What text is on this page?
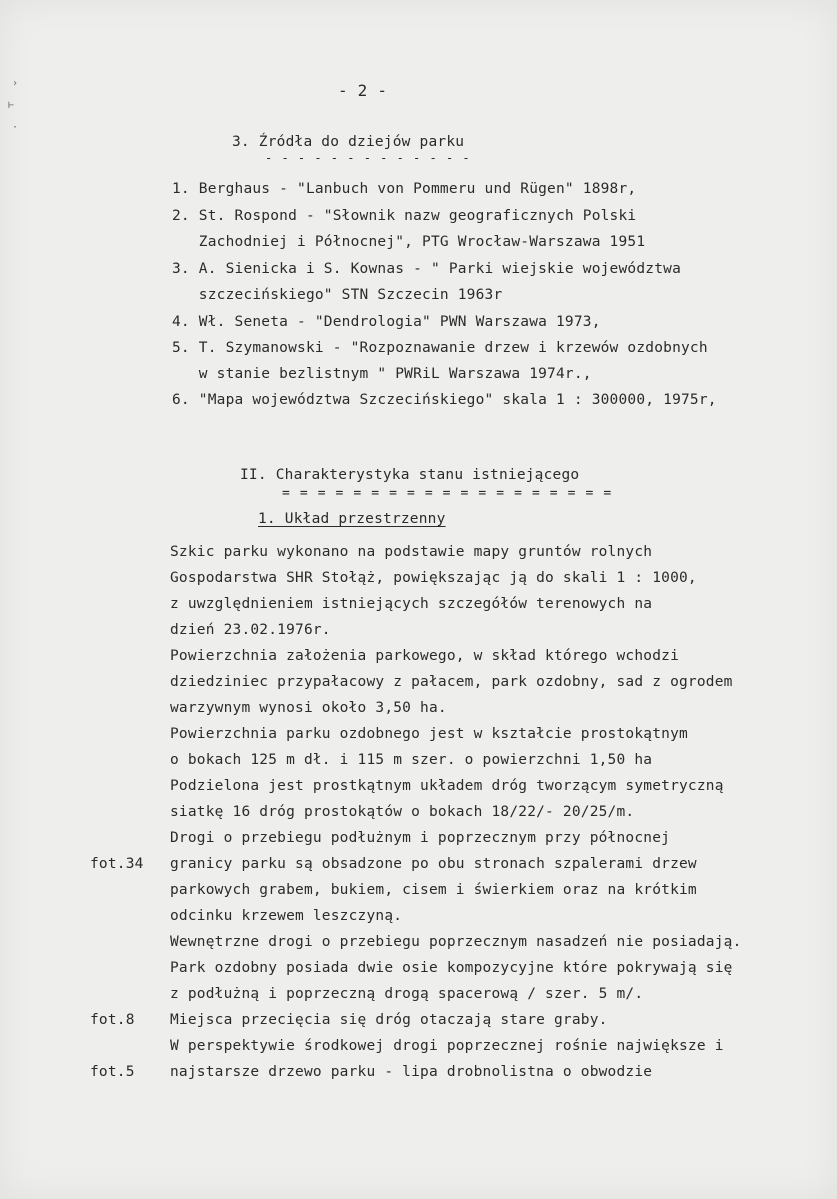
›
⊢
·
- 2 -
3. Źródła do dziejów parku
- - - - - - - - - - - - -
1. Berghaus - "Lanbuch von Pommeru und Rügen" 1898r,
2. St. Rospond - "Słownik nazw geograficznych Polski
Zachodniej i Północnej", PTG Wrocław-Warszawa 1951
3. A. Sienicka i S. Kownas - " Parki wiejskie województwa
szczecińskiego" STN Szczecin 1963r
4. Wł. Seneta - "Dendrologia" PWN Warszawa 1973,
5. T. Szymanowski - "Rozpoznawanie drzew i krzewów ozdobnych
w stanie bezlistnym " PWRiL Warszawa 1974r.,
6. "Mapa województwa Szczecińskiego" skala 1 : 300000, 1975r,
II. Charakterystyka stanu istniejącego
= = = = = = = = = = = = = = = = = = =
1. Układ przestrzenny
Szkic parku wykonano na podstawie mapy gruntów rolnych
Gospodarstwa SHR Stołąż, powiększając ją do skali 1 : 1000,
z uwzględnieniem istniejących szczegółów terenowych na
dzień 23.02.1976r.
Powierzchnia założenia parkowego, w skład którego wchodzi
dziedziniec przypałacowy z pałacem, park ozdobny, sad z ogrodem
warzywnym wynosi około 3,50 ha.
Powierzchnia parku ozdobnego jest w kształcie prostokątnym
o bokach 125 m dł. i 115 m szer. o powierzchni 1,50 ha
Podzielona jest prostkątnym układem dróg tworzącym symetryczną
siatkę 16 dróg prostokątów o bokach 18/22/- 20/25/m.
Drogi o przebiegu podłużnym i poprzecznym przy północnej
granicy parku są obsadzone po obu stronach szpalerami drzew
parkowych grabem, bukiem, cisem i świerkiem oraz na krótkim
odcinku krzewem leszczyną.
Wewnętrzne drogi o przebiegu poprzecznym nasadzeń nie posiadają.
Park ozdobny posiada dwie osie kompozycyjne które pokrywają się
z podłużną i poprzeczną drogą spacerową / szer. 5 m/.
Miejsca przecięcia się dróg otaczają stare graby.
W perspektywie środkowej drogi poprzecznej rośnie największe i
najstarsze drzewo parku - lipa drobnolistna o obwodzie
fot.34
fot.8
fot.5
